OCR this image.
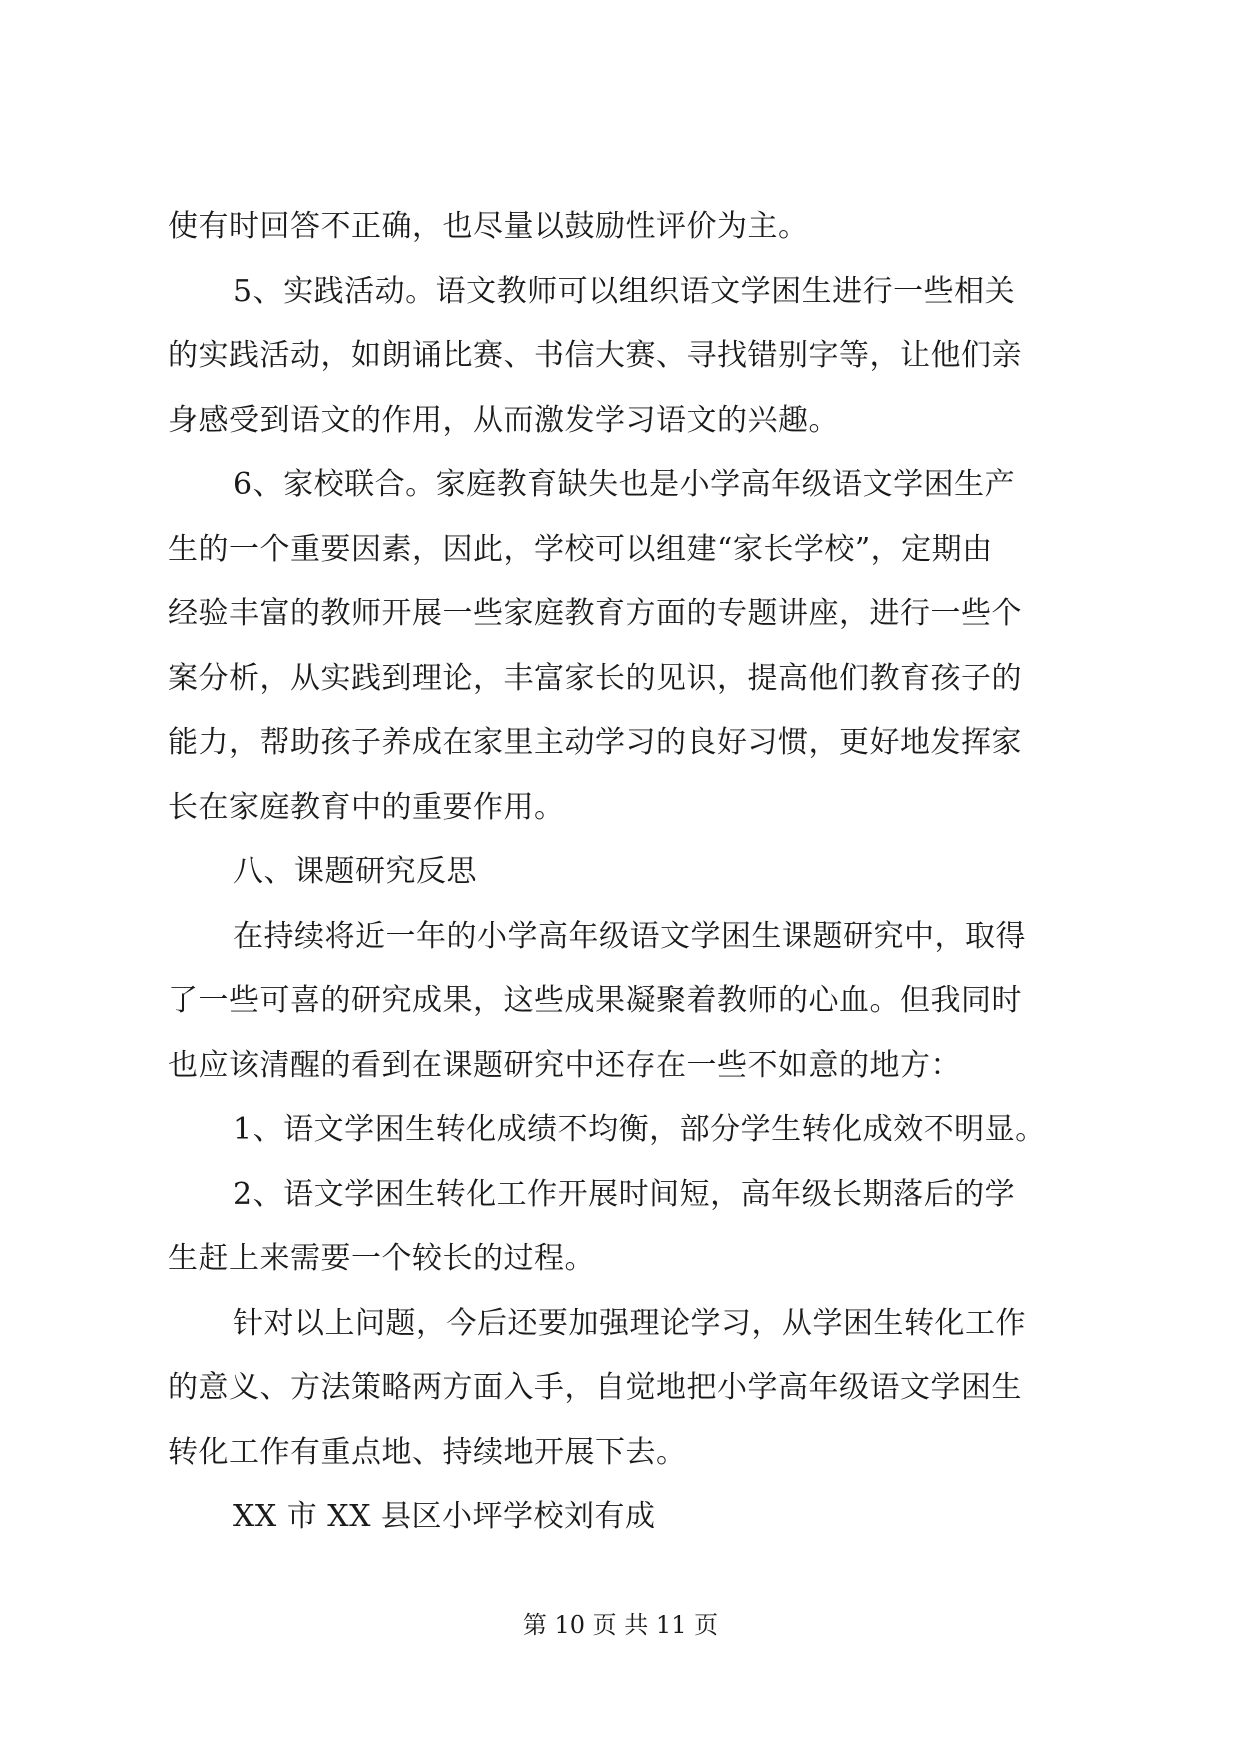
使有时回答不正确，也尽量以鼓励性评价为主。
5、实践活动。语文教师可以组织语文学困生进行一些相关
的实践活动，如朗诵比赛、书信大赛、寻找错别字等，让他们亲
身感受到语文的作用，从而激发学习语文的兴趣。
6、家校联合。家庭教育缺失也是小学高年级语文学困生产
生的一个重要因素，因此，学校可以组建“家长学校”，定期由
经验丰富的教师开展一些家庭教育方面的专题讲座，进行一些个
案分析，从实践到理论，丰富家长的见识，提高他们教育孩子的
能力，帮助孩子养成在家里主动学习的良好习惯，更好地发挥家
长在家庭教育中的重要作用。
八、课题研究反思
在持续将近一年的小学高年级语文学困生课题研究中，取得
了一些可喜的研究成果，这些成果凝聚着教师的心血。但我同时
也应该清醒的看到在课题研究中还存在一些不如意的地方：
1、语文学困生转化成绩不均衡，部分学生转化成效不明显。
2、语文学困生转化工作开展时间短，高年级长期落后的学
生赶上来需要一个较长的过程。
针对以上问题，今后还要加强理论学习，从学困生转化工作
的意义、方法策略两方面入手，自觉地把小学高年级语文学困生
转化工作有重点地、持续地开展下去。
XX 市 XX 县区小坪学校刘有成
第 10 页 共 11 页
